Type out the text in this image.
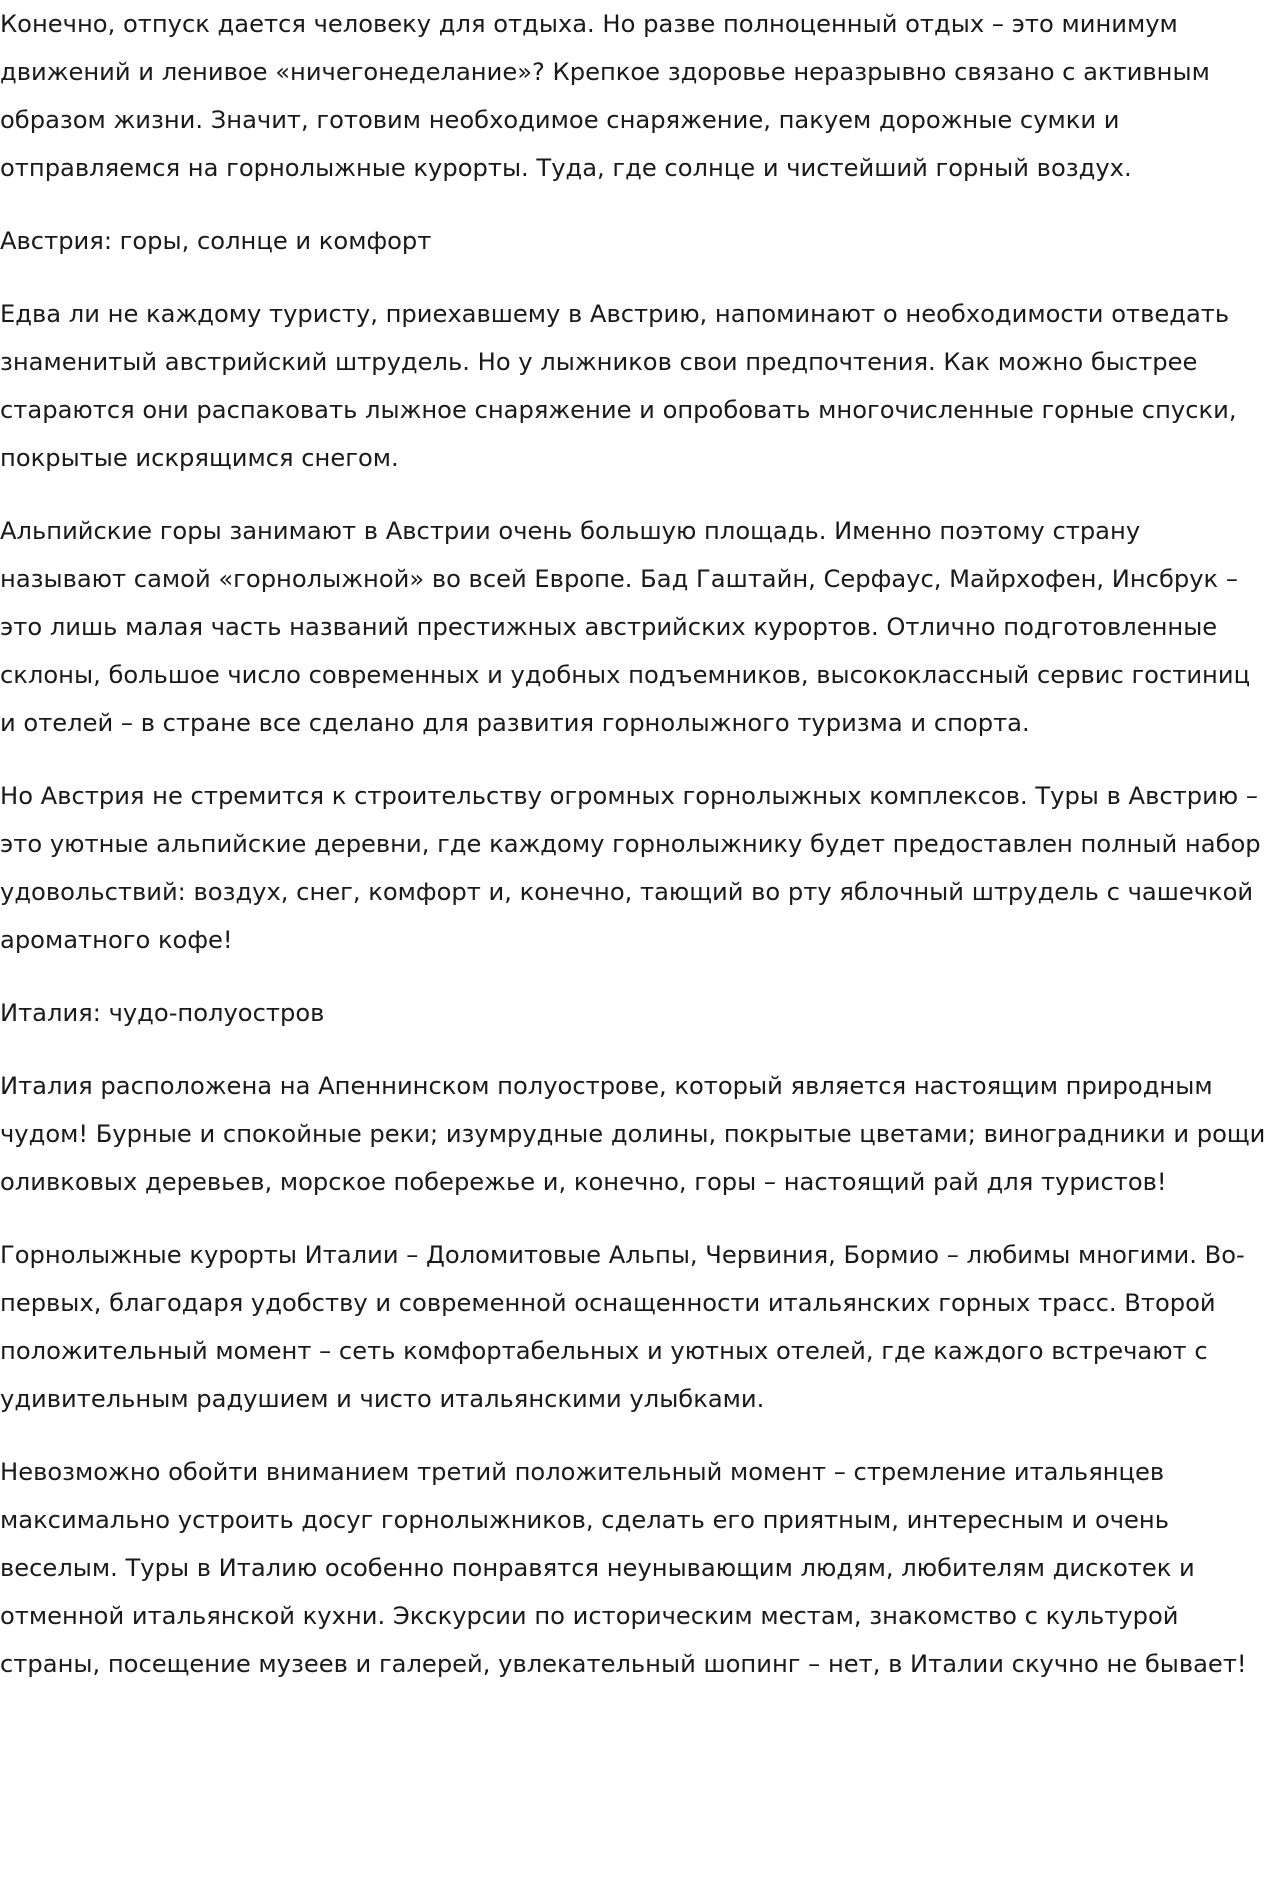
Конечно, отпуск дается человеку для отдыха. Но разве полноценный отдых – это минимум движений и ленивое «ничегонеделание»? Крепкое здоровье неразрывно связано с активным образом жизни. Значит, готовим необходимое снаряжение, пакуем дорожные сумки и отправляемся на горнолыжные курорты. Туда, где солнце и чистейший горный воздух.

Австрия: горы, солнце и комфорт

Едва ли не каждому туристу, приехавшему в Австрию, напоминают о необходимости отведать знаменитый австрийский штрудель. Но у лыжников свои предпочтения. Как можно быстрее стараются они распаковать лыжное снаряжение и опробовать многочисленные горные спуски, покрытые искрящимся снегом.

Альпийские горы занимают в Австрии очень большую площадь. Именно поэтому страну называют самой «горнолыжной» во всей Европе. Бад Гаштайн, Серфаус, Майрхофен, Инсбрук – это лишь малая часть названий престижных австрийских курортов. Отлично подготовленные склоны, большое число современных и удобных подъемников, высококлассный сервис гостиниц и отелей – в стране все сделано для развития горнолыжного туризма и спорта.

Но Австрия не стремится к строительству огромных горнолыжных комплексов. Туры в Австрию – это уютные альпийские деревни, где каждому горнолыжнику будет предоставлен полный набор удовольствий: воздух, снег, комфорт и, конечно, тающий во рту яблочный штрудель с чашечкой ароматного кофе!

Италия: чудо-полуостров

Италия расположена на Апеннинском полуострове, который является настоящим природным чудом! Бурные и спокойные реки; изумрудные долины, покрытые цветами; виноградники и рощи оливковых деревьев, морское побережье и, конечно, горы – настоящий рай для туристов!

Горнолыжные курорты Италии – Доломитовые Альпы, Червиния, Бормио – любимы многими. Во-первых, благодаря удобству и современной оснащенности итальянских горных трасс. Второй положительный момент – сеть комфортабельных и уютных отелей, где каждого встречают с удивительным радушием и чисто итальянскими улыбками.

Невозможно обойти вниманием третий положительный момент – стремление итальянцев максимально устроить досуг горнолыжников, сделать его приятным, интересным и очень веселым. Туры в Италию особенно понравятся неунывающим людям, любителям дискотек и отменной итальянской кухни. Экскурсии по историческим местам, знакомство с культурой страны, посещение музеев и галерей, увлекательный шопинг – нет, в Италии скучно не бывает!
